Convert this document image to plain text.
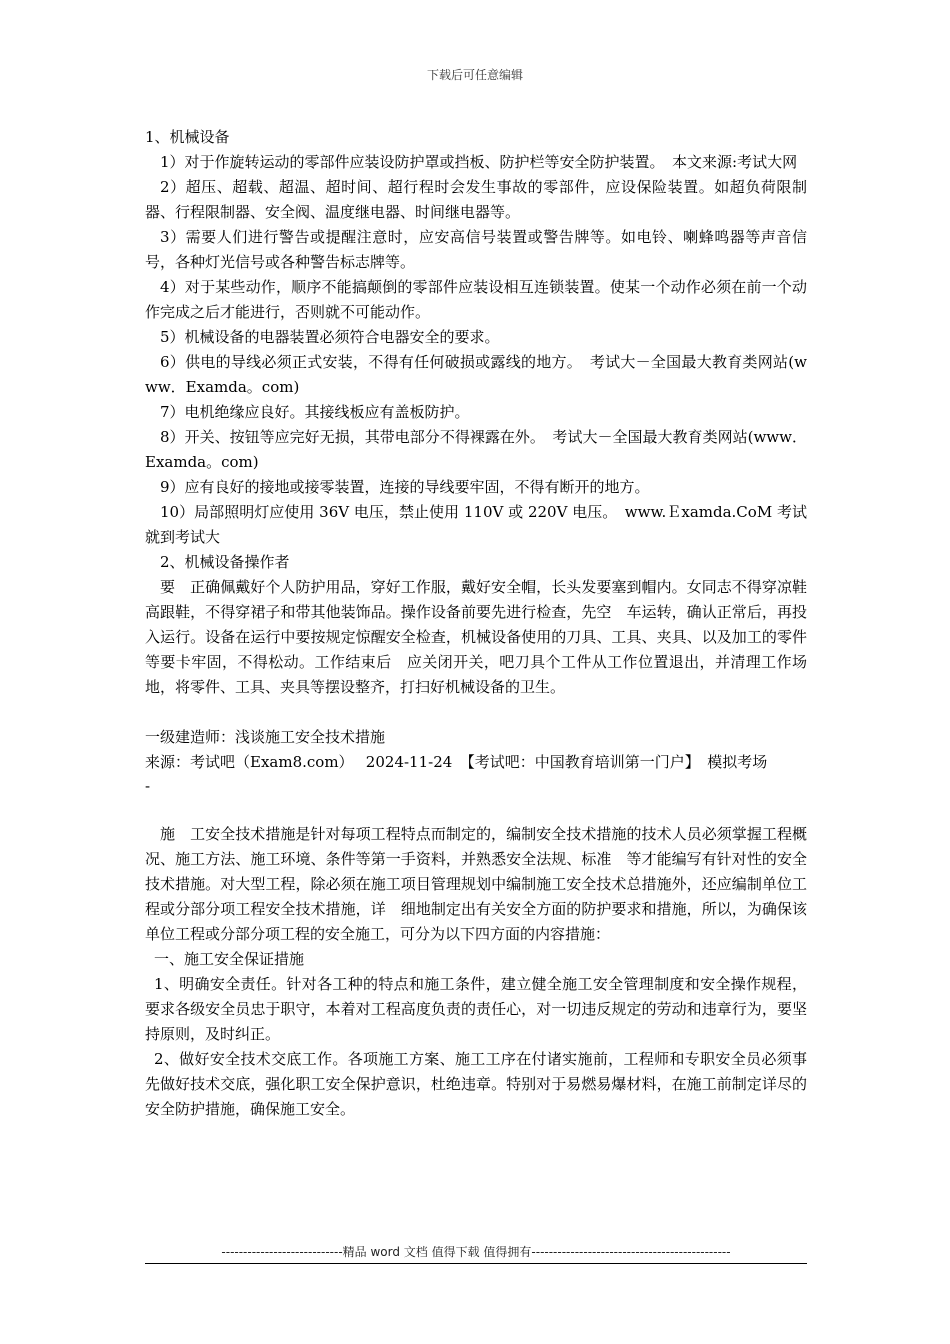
下载后可任意编辑

1、机械设备

1）对于作旋转运动的零部件应装设防护罩或挡板、防护栏等安全防护装置。　本文来源:考试大网

2）超压、超载、超温、超时间、超行程时会发生事故的零部件，应设保险装置。如超负荷限制器、行程限制器、安全阀、温度继电器、时间继电器等。

3）需要人们进行警告或提醒注意时，应安高信号装置或警告牌等。如电铃、喇蜂鸣器等声音信号，各种灯光信号或各种警告标志牌等。

4）对于某些动作，顺序不能搞颠倒的零部件应装设相互连锁装置。使某一个动作必须在前一个动作完成之后才能进行，否则就不可能动作。

5）机械设备的电器装置必须符合电器安全的要求。

6）供电的导线必须正式安装，不得有任何破损或露线的地方。　考试大－全国最大教育类网站(www．Examda。com)

7）电机绝缘应良好。其接线板应有盖板防护。

8）开关、按钮等应完好无损，其带电部分不得裸露在外。　考试大－全国最大教育类网站(www．Examda。com)

9）应有良好的接地或接零装置，连接的导线要牢固，不得有断开的地方。

10）局部照明灯应使用 36V 电压，禁止使用 110V 或 220V 电压。　www.Ｅxamda.CoM 考试就到考试大

2、机械设备操作者

要　正确佩戴好个人防护用品，穿好工作服，戴好安全帽，长头发要塞到帽内。女同志不得穿凉鞋高跟鞋，不得穿裙子和带其他装饰品。操作设备前要先进行检查，先空　车运转，确认正常后，再投入运行。设备在运行中要按规定惊醒安全检查，机械设备使用的刀具、工具、夹具、以及加工的零件等要卡牢固，不得松动。工作结束后　应关闭开关，吧刀具个工件从工作位置退出，并清理工作场地，将零件、工具、夹具等摆设整齐，打扫好机械设备的卫生。

一级建造师：浅谈施工安全技术措施

来源：考试吧（Exam8.com）　 2024-11-24　【考试吧：中国教育培训第一门户】　模拟考场

-

施　工安全技术措施是针对每项工程特点而制定的，编制安全技术措施的技术人员必须掌握工程概况、施工方法、施工环境、条件等第一手资料，并熟悉安全法规、标准　等才能编写有针对性的安全技术措施。对大型工程，除必须在施工项目管理规划中编制施工安全技术总措施外，还应编制单位工程或分部分项工程安全技术措施，详　细地制定出有关安全方面的防护要求和措施，所以，为确保该单位工程或分部分项工程的安全施工，可分为以下四方面的内容措施：

一、施工安全保证措施

1、明确安全责任。针对各工种的特点和施工条件，建立健全施工安全管理制度和安全操作规程，要求各级安全员忠于职守，本着对工程高度负责的责任心，对一切违反规定的劳动和违章行为，要坚持原则，及时纠正。

2、做好安全技术交底工作。各项施工方案、施工工序在付诸实施前，工程师和专职安全员必须事先做好技术交底，强化职工安全保护意识，杜绝违章。特别对于易燃易爆材料，在施工前制定详尽的安全防护措施，确保施工安全。

----------------------------精品 word 文档 值得下载 值得拥有----------------------------------------------
